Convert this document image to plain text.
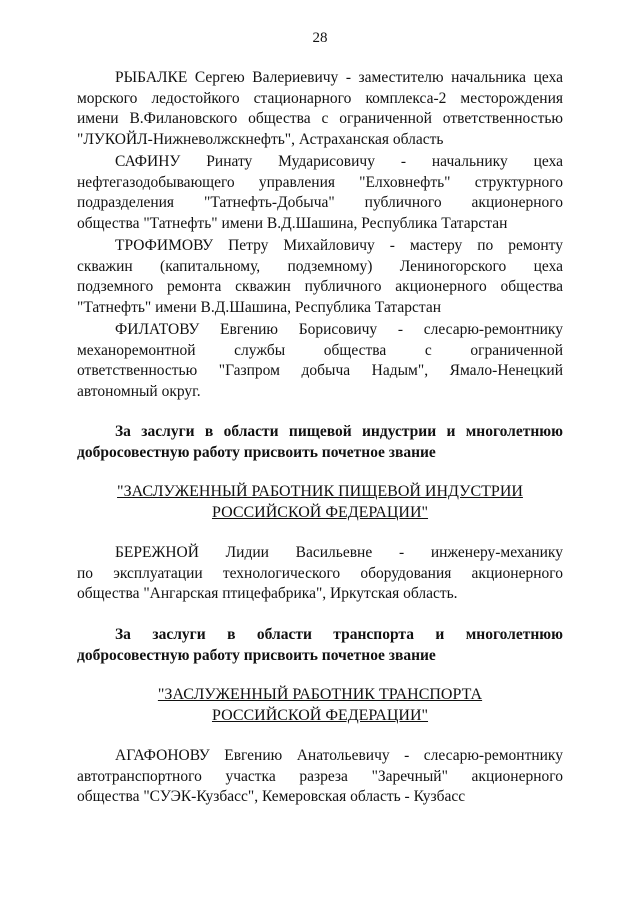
28
РЫБАЛКЕ Сергею Валериевичу - заместителю начальника цеха
морского ледостойкого стационарного комплекса-2 месторождения
имени В.Филановского общества с ограниченной ответственностью
"ЛУКОЙЛ-Нижневолжскнефть", Астраханская область
САФИНУ Ринату Мударисовичу - начальнику цеха
нефтегазодобывающего управления "Елховнефть" структурного
подразделения "Татнефть-Добыча" публичного акционерного
общества "Татнефть" имени В.Д.Шашина, Республика Татарстан
ТРОФИМОВУ Петру Михайловичу - мастеру по ремонту
скважин (капитальному, подземному) Лениногорского цеха
подземного ремонта скважин публичного акционерного общества
"Татнефть" имени В.Д.Шашина, Республика Татарстан
ФИЛАТОВУ Евгению Борисовичу - слесарю-ремонтнику
механоремонтной службы общества с ограниченной
ответственностью "Газпром добыча Надым", Ямало-Ненецкий
автономный округ.
За заслуги в области пищевой индустрии и многолетнюю
добросовестную работу присвоить почетное звание
"ЗАСЛУЖЕННЫЙ РАБОТНИК ПИЩЕВОЙ ИНДУСТРИИ
РОССИЙСКОЙ ФЕДЕРАЦИИ"
БЕРЕЖНОЙ Лидии Васильевне - инженеру-механику
по эксплуатации технологического оборудования акционерного
общества "Ангарская птицефабрика", Иркутская область.
За заслуги в области транспорта и многолетнюю
добросовестную работу присвоить почетное звание
"ЗАСЛУЖЕННЫЙ РАБОТНИК ТРАНСПОРТА
РОССИЙСКОЙ ФЕДЕРАЦИИ"
АГАФОНОВУ Евгению Анатольевичу - слесарю-ремонтнику
автотранспортного участка разреза "Заречный" акционерного
общества "СУЭК-Кузбасс", Кемеровская область - Кузбасс
